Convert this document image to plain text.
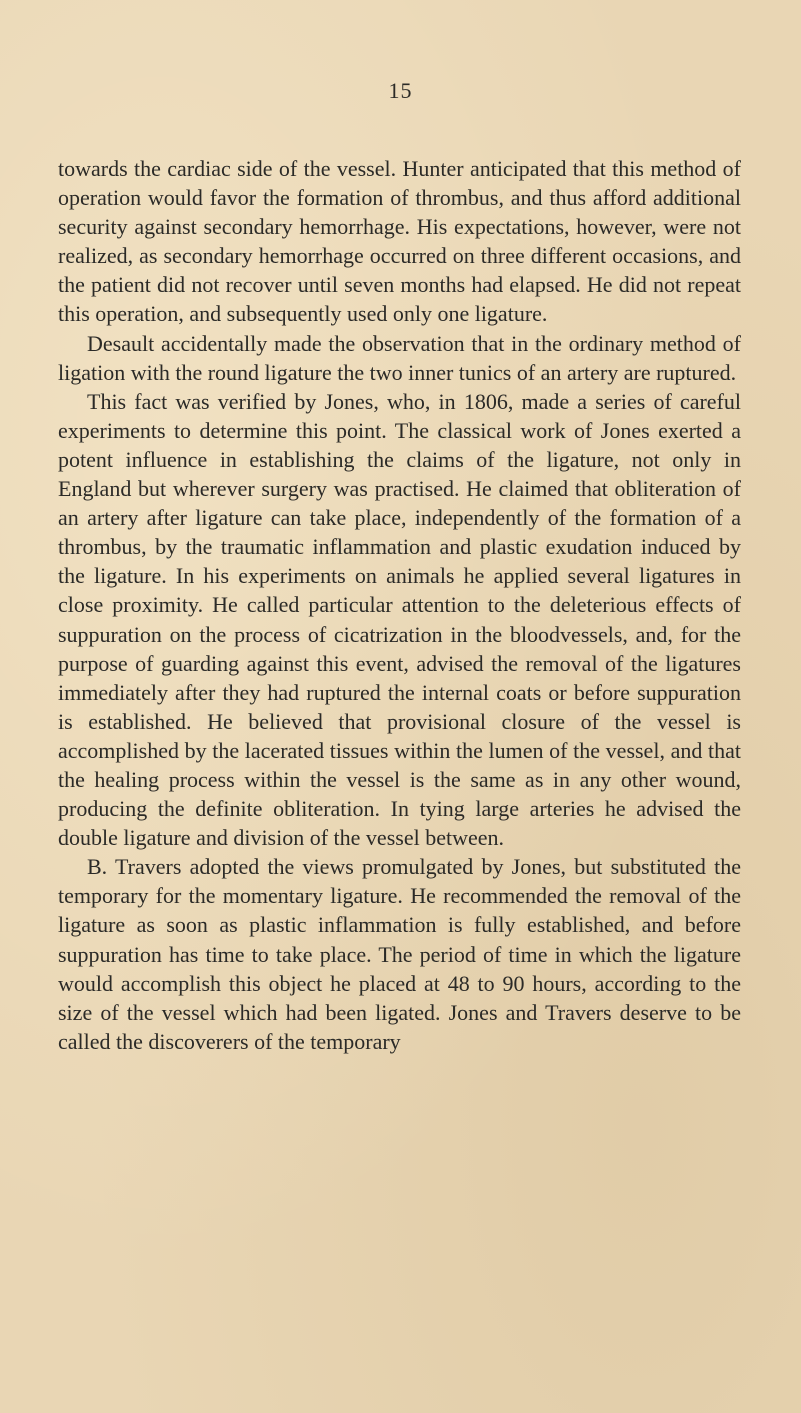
15

towards the cardiac side of the vessel. Hunter anticipated that this method of operation would favor the formation of thrombus, and thus afford additional security against secondary hemorrhage. His expectations, however, were not realized, as secondary hemorrhage occurred on three different occasions, and the patient did not recover until seven months had elapsed. He did not repeat this operation, and subsequently used only one ligature.

Desault accidentally made the observation that in the ordinary method of ligation with the round ligature the two inner tunics of an artery are ruptured.

This fact was verified by Jones, who, in 1806, made a series of careful experiments to determine this point. The classical work of Jones exerted a potent influence in establishing the claims of the ligature, not only in England but wherever surgery was practised. He claimed that obliteration of an artery after ligature can take place, independently of the formation of a thrombus, by the traumatic inflammation and plastic exudation induced by the ligature. In his experiments on animals he applied several ligatures in close proximity. He called particular attention to the deleterious effects of suppuration on the process of cicatrization in the bloodvessels, and, for the purpose of guarding against this event, advised the removal of the ligatures immediately after they had ruptured the internal coats or before suppuration is established. He believed that provisional closure of the vessel is accomplished by the lacerated tissues within the lumen of the vessel, and that the healing process within the vessel is the same as in any other wound, producing the definite obliteration. In tying large arteries he advised the double ligature and division of the vessel between.

B. Travers adopted the views promulgated by Jones, but substituted the temporary for the momentary ligature. He recommended the removal of the ligature as soon as plastic inflammation is fully established, and before suppuration has time to take place. The period of time in which the ligature would accomplish this object he placed at 48 to 90 hours, according to the size of the vessel which had been ligated. Jones and Travers deserve to be called the discoverers of the temporary
